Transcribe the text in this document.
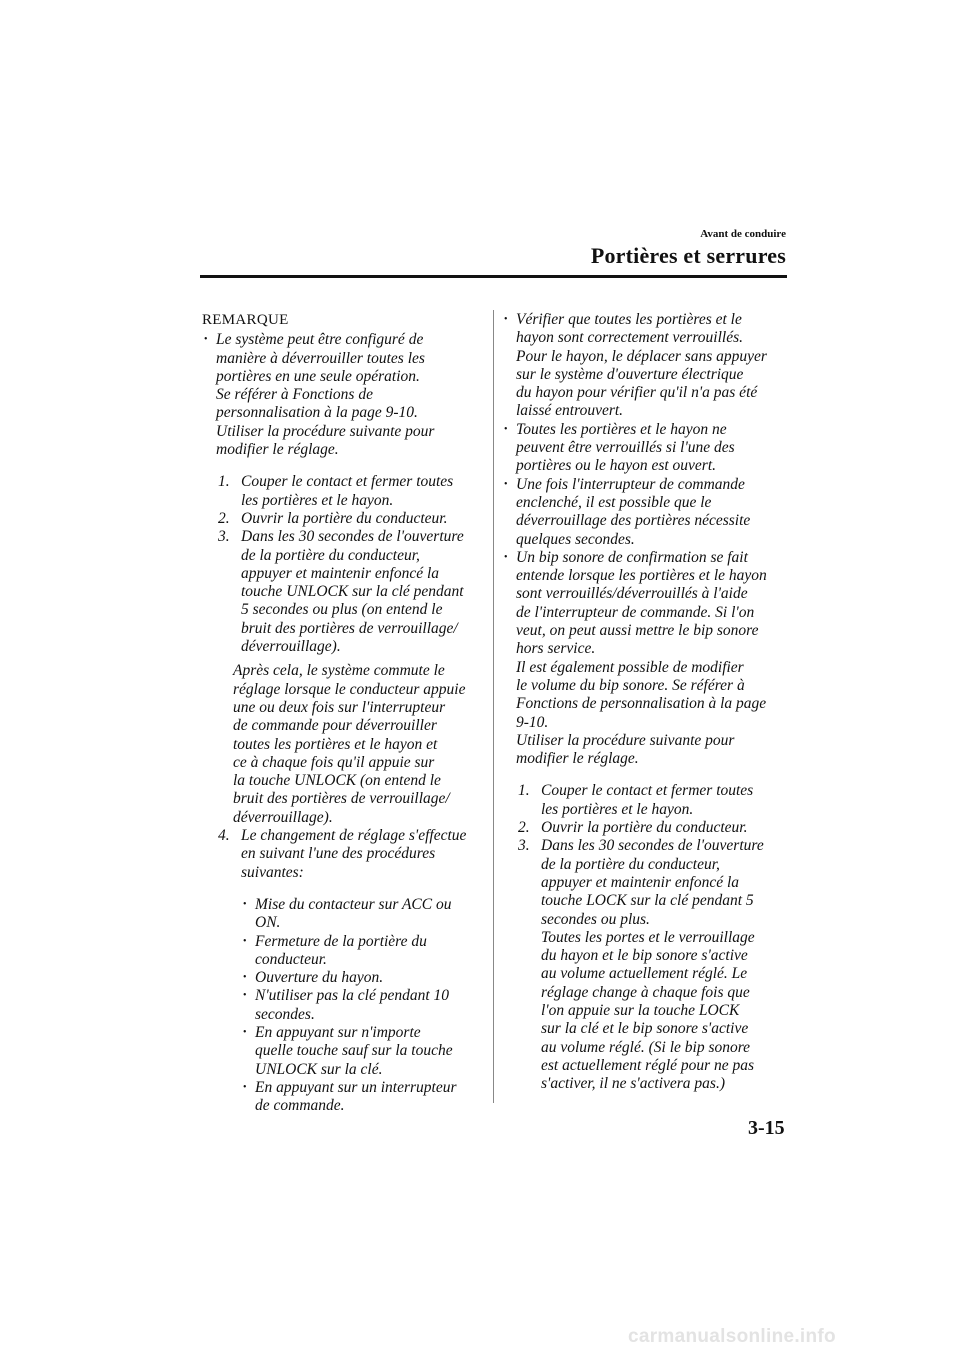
Avant de conduire
Portières et serrures
REMARQUE
• Le système peut être configuré de
manière à déverrouiller toutes les
portières en une seule opération.
Se référer à Fonctions de
personnalisation à la page 9-10.
Utiliser la procédure suivante pour
modifier le réglage.
1. Couper le contact et fermer toutes
les portières et le hayon.
2. Ouvrir la portière du conducteur.
3. Dans les 30 secondes de l'ouverture
de la portière du conducteur,
appuyer et maintenir enfoncé la
touche UNLOCK sur la clé pendant
5 secondes ou plus (on entend le
bruit des portières de verrouillage/
déverrouillage).
Après cela, le système commute le
réglage lorsque le conducteur appuie
une ou deux fois sur l'interrupteur
de commande pour déverrouiller
toutes les portières et le hayon et
ce à chaque fois qu'il appuie sur
la touche UNLOCK (on entend le
bruit des portières de verrouillage/
déverrouillage).
4. Le changement de réglage s'effectue
en suivant l'une des procédures
suivantes:
• Mise du contacteur sur ACC ou
ON.
• Fermeture de la portière du
conducteur.
• Ouverture du hayon.
• N'utiliser pas la clé pendant 10
secondes.
• En appuyant sur n'importe
quelle touche sauf sur la touche
UNLOCK sur la clé.
• En appuyant sur un interrupteur
de commande.
• Vérifier que toutes les portières et le
hayon sont correctement verrouillés.
Pour le hayon, le déplacer sans appuyer
sur le système d'ouverture électrique
du hayon pour vérifier qu'il n'a pas été
laissé entrouvert.
• Toutes les portières et le hayon ne
peuvent être verrouillés si l'une des
portières ou le hayon est ouvert.
• Une fois l'interrupteur de commande
enclenché, il est possible que le
déverrouillage des portières nécessite
quelques secondes.
• Un bip sonore de confirmation se fait
entende lorsque les portières et le hayon
sont verrouillés/déverrouillés à l'aide
de l'interrupteur de commande. Si l'on
veut, on peut aussi mettre le bip sonore
hors service.
Il est également possible de modifier
le volume du bip sonore. Se référer à
Fonctions de personnalisation à la page
9-10.
Utiliser la procédure suivante pour
modifier le réglage.
1. Couper le contact et fermer toutes
les portières et le hayon.
2. Ouvrir la portière du conducteur.
3. Dans les 30 secondes de l'ouverture
de la portière du conducteur,
appuyer et maintenir enfoncé la
touche LOCK sur la clé pendant 5
secondes ou plus.
Toutes les portes et le verrouillage
du hayon et le bip sonore s'active
au volume actuellement réglé. Le
réglage change à chaque fois que
l'on appuie sur la touche LOCK
sur la clé et le bip sonore s'active
au volume réglé. (Si le bip sonore
est actuellement réglé pour ne pas
s'activer, il ne s'activera pas.)
3-15
carmanualsonline.info
